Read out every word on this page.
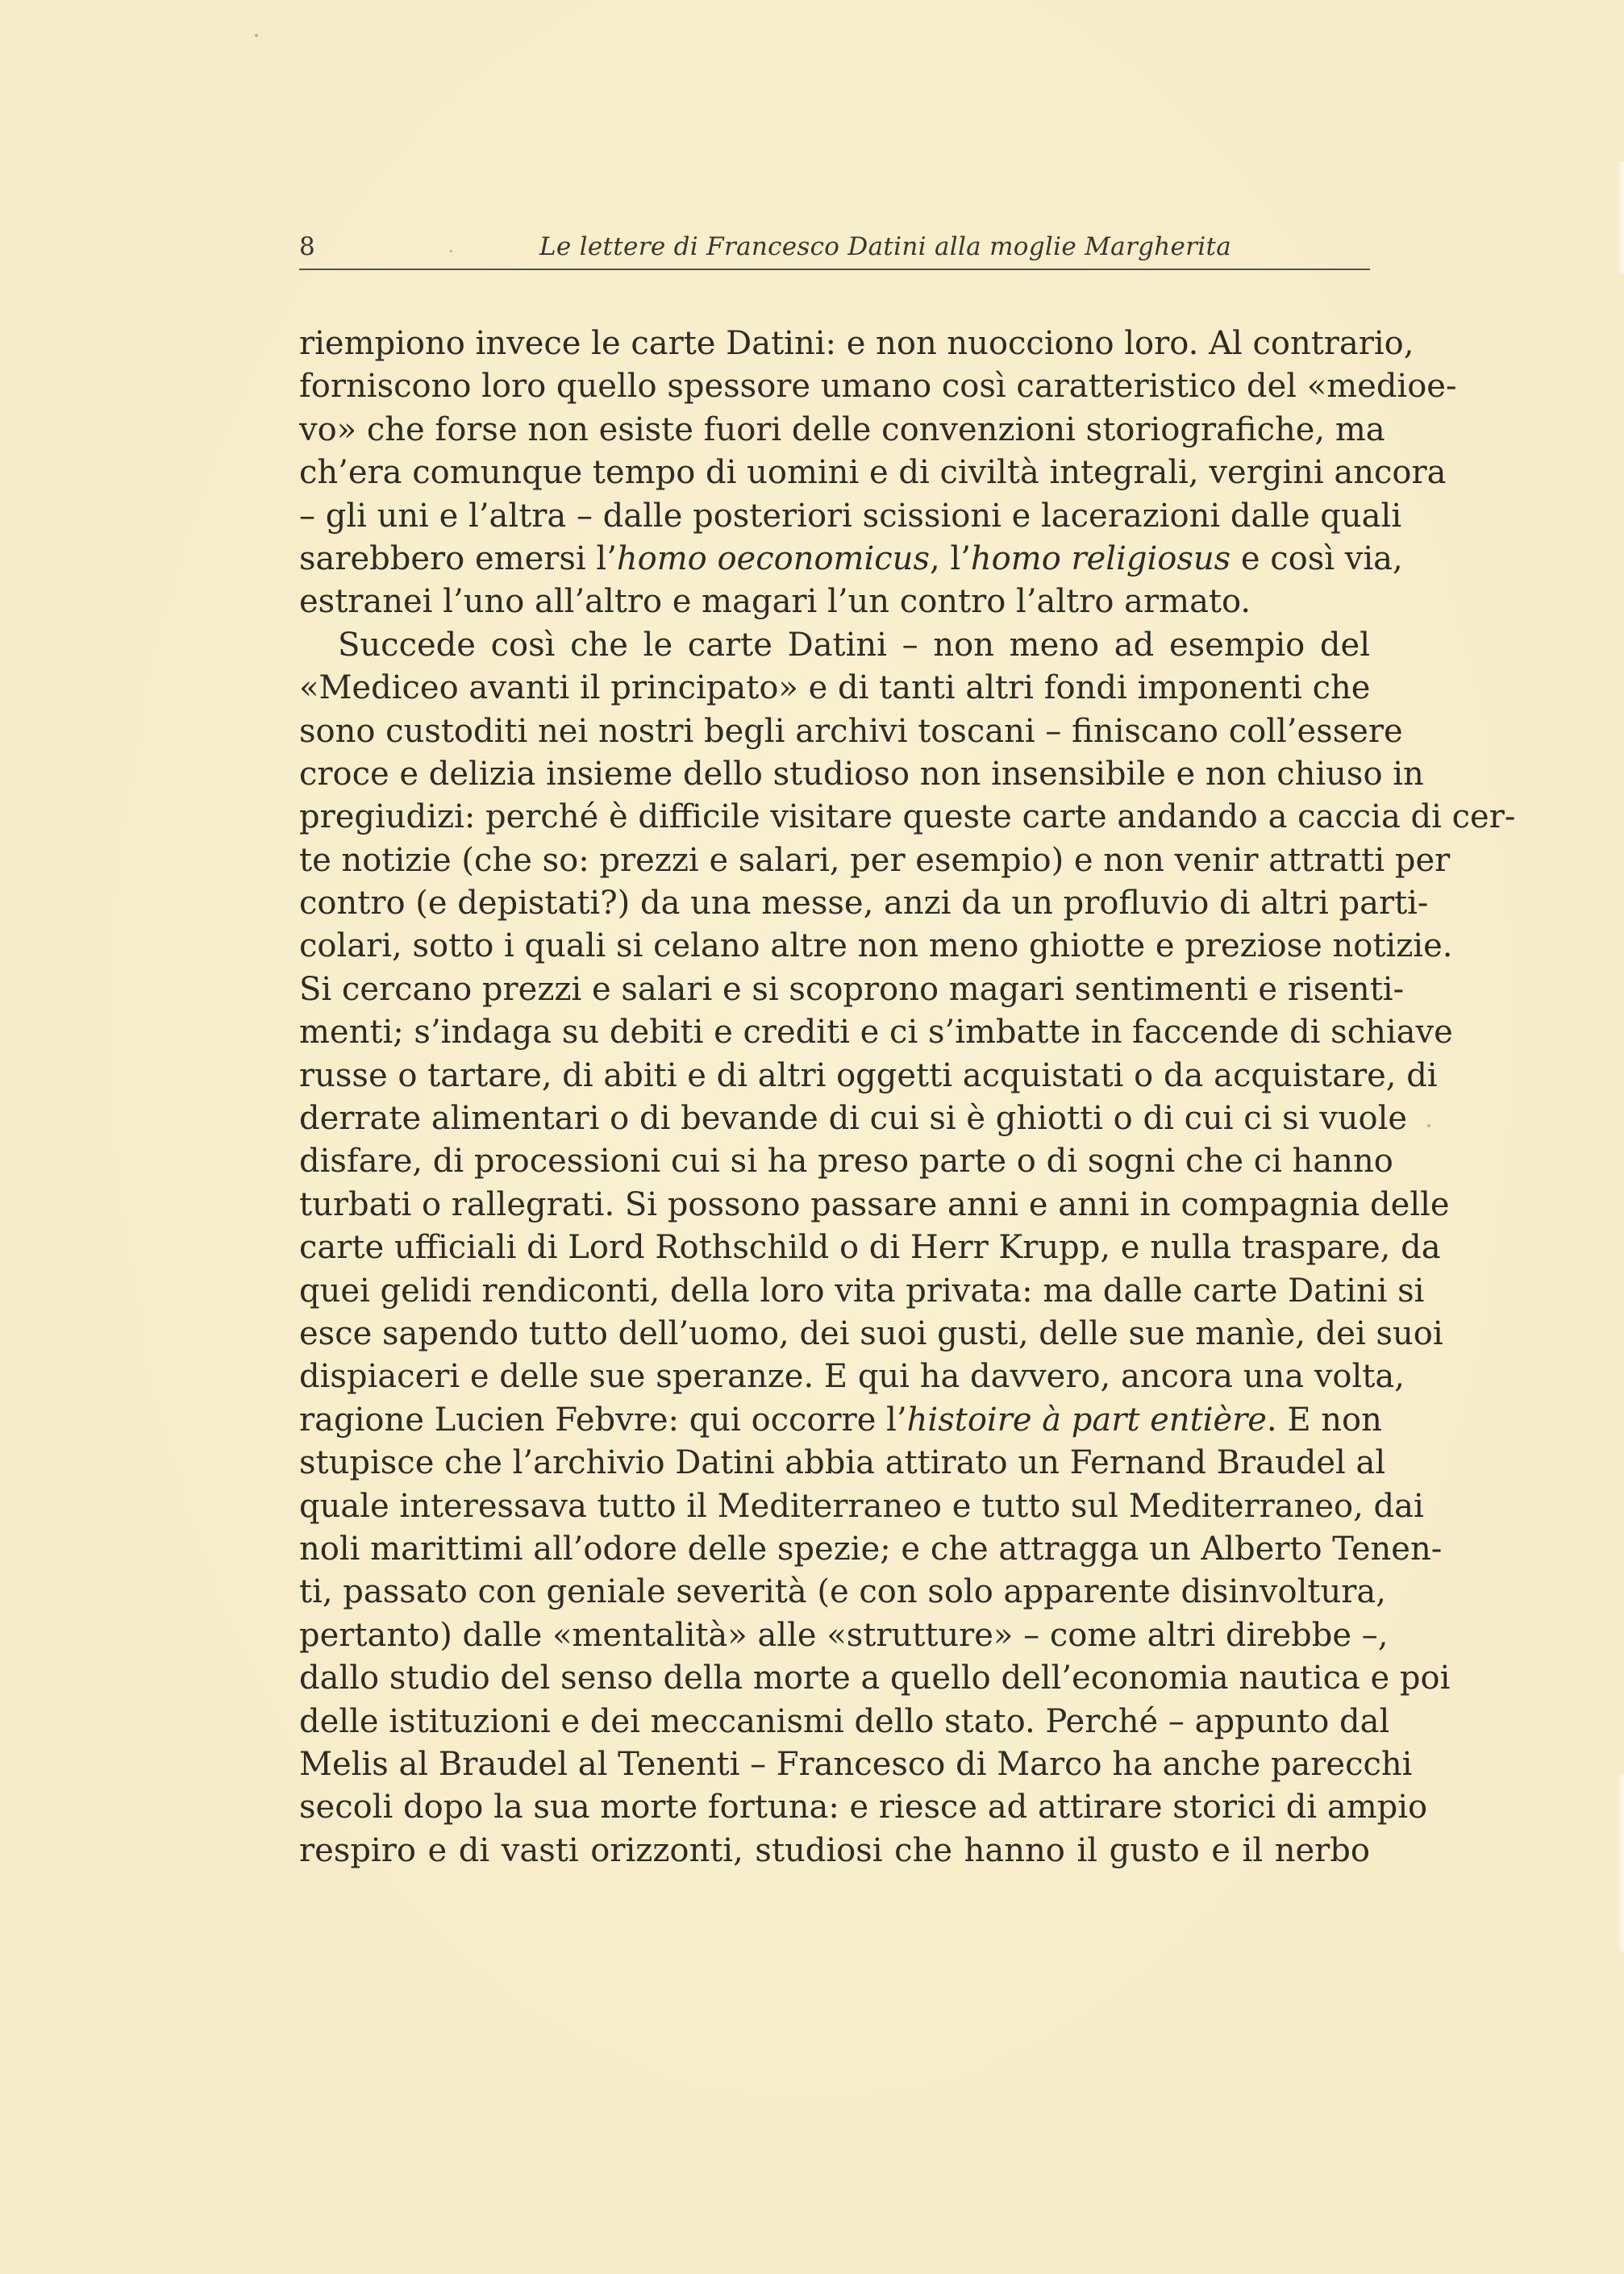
8	Le lettere di Francesco Datini alla moglie Margherita
riempiono invece le carte Datini: e non nuocciono loro. Al contrario,
forniscono loro quello spessore umano così caratteristico del «medioe-
vo» che forse non esiste fuori delle convenzioni storiografiche, ma
ch’era comunque tempo di uomini e di civiltà integrali, vergini ancora
– gli uni e l’altra – dalle posteriori scissioni e lacerazioni dalle quali
sarebbero emersi l’homo oeconomicus, l’homo religiosus e così via,
estranei l’uno all’altro e magari l’un contro l’altro armato.
Succede così che le carte Datini – non meno ad esempio del
«Mediceo avanti il principato» e di tanti altri fondi imponenti che
sono custoditi nei nostri begli archivi toscani – finiscano coll’essere
croce e delizia insieme dello studioso non insensibile e non chiuso in
pregiudizi: perché è difficile visitare queste carte andando a caccia di cer-
te notizie (che so: prezzi e salari, per esempio) e non venir attratti per
contro (e depistati?) da una messe, anzi da un profluvio di altri parti-
colari, sotto i quali si celano altre non meno ghiotte e preziose notizie.
Si cercano prezzi e salari e si scoprono magari sentimenti e risenti-
menti; s’indaga su debiti e crediti e ci s’imbatte in faccende di schiave
russe o tartare, di abiti e di altri oggetti acquistati o da acquistare, di
derrate alimentari o di bevande di cui si è ghiotti o di cui ci si vuole
disfare, di processioni cui si ha preso parte o di sogni che ci hanno
turbati o rallegrati. Si possono passare anni e anni in compagnia delle
carte ufficiali di Lord Rothschild o di Herr Krupp, e nulla traspare, da
quei gelidi rendiconti, della loro vita privata: ma dalle carte Datini si
esce sapendo tutto dell’uomo, dei suoi gusti, delle sue manìe, dei suoi
dispiaceri e delle sue speranze. E qui ha davvero, ancora una volta,
ragione Lucien Febvre: qui occorre l’histoire à part entière. E non
stupisce che l’archivio Datini abbia attirato un Fernand Braudel al
quale interessava tutto il Mediterraneo e tutto sul Mediterraneo, dai
noli marittimi all’odore delle spezie; e che attragga un Alberto Tenen-
ti, passato con geniale severità (e con solo apparente disinvoltura,
pertanto) dalle «mentalità» alle «strutture» – come altri direbbe –,
dallo studio del senso della morte a quello dell’economia nautica e poi
delle istituzioni e dei meccanismi dello stato. Perché – appunto dal
Melis al Braudel al Tenenti – Francesco di Marco ha anche parecchi
secoli dopo la sua morte fortuna: e riesce ad attirare storici di ampio
respiro e di vasti orizzonti, studiosi che hanno il gusto e il nerbo
